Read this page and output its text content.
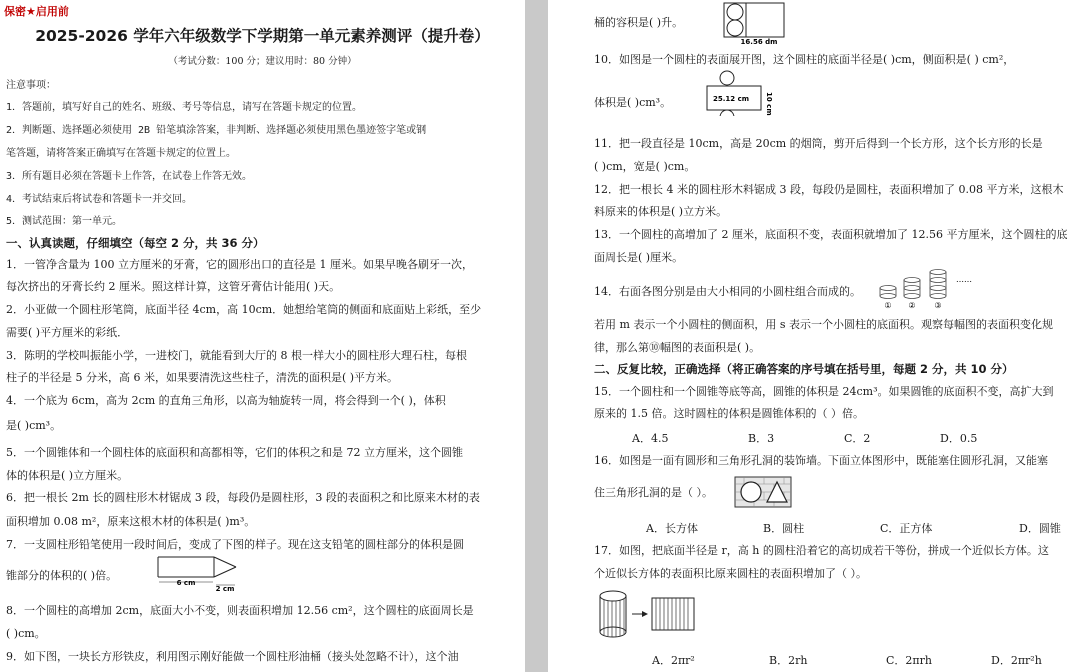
保密★启用前
2025-2026 学年六年级数学下学期第一单元素养测评（提升卷）
（考试分数：100 分；建议用时：80 分钟）
注意事项：
1．答题前，填写好自己的姓名、班级、考号等信息，请写在答题卡规定的位置。
2．判断题、选择题必须使用 2B 铅笔填涂答案，非判断、选择题必须使用黑色墨迹签字笔或钢
笔答题，请将答案正确填写在答题卡规定的位置上。
3．所有题目必须在答题卡上作答，在试卷上作答无效。
4．考试结束后将试卷和答题卡一并交回。
5．测试范围：第一单元。
一、认真读题，仔细填空（每空 2 分，共 36 分）
1．一管净含量为 100 立方厘米的牙膏，它的圆形出口的直径是 1 厘米。如果早晚各刷牙一次，
每次挤出的牙膏长约 2 厘米。照这样计算，这管牙膏估计能用( )天。
2．小亚做一个圆柱形笔筒，底面半径 4cm，高 10cm．她想给笔筒的侧面和底面贴上彩纸，至少
需要( )平方厘米的彩纸．
3．陈明的学校叫振能小学，一进校门，就能看到大厅的 8 根一样大小的圆柱形大理石柱，每根
柱子的半径是 5 分米，高 6 米，如果要清洗这些柱子，清洗的面积是( )平方米。
4．一个底为 6cm，高为 2cm 的直角三角形，以高为轴旋转一周，将会得到一个( )，体积
是( )cm³。
5．一个圆锥体和一个圆柱体的底面积和高都相等，它们的体积之和是 72 立方厘米，这个圆锥
体的体积是( )立方厘米。
6．把一根长 2m 长的圆柱形木材锯成 3 段，每段仍是圆柱形，3 段的表面积之和比原来木材的表
面积增加 0.08 m²，原来这根木材的体积是( )m³。
7．一支圆柱形铅笔使用一段时间后，变成了下图的样子。现在这支铅笔的圆柱部分的体积是圆
锥部分的体积的( )倍。
8．一个圆柱的高增加 2cm，底面大小不变，则表面积增加 12.56 cm²，这个圆柱的底面周长是
( )cm。
9．如下图，一块长方形铁皮，利用图示刚好能做一个圆柱形油桶（接头处忽略不计），这个油
6 cm
2 cm
桶的容积是( )升。
16.56 dm
10．如图是一个圆柱的表面展开图，这个圆柱的底面半径是( )cm，侧面积是( ) cm²，
25.12 cm 10 cm
体积是( )cm³。
11．把一段直径是 10cm，高是 20cm 的烟筒，剪开后得到一个长方形，这个长方形的长是
( )cm，宽是( )cm。
12．把一根长 4 米的圆柱形木料锯成 3 段，每段仍是圆柱，表面积增加了 0.08 平方米，这根木
料原来的体积是( )立方米。
13．一个圆柱的高增加了 2 厘米，底面积不变，表面积就增加了 12.56 平方厘米，这个圆柱的底
面周长是( )厘米。
14．右面各图分别是由大小相同的小圆柱组合而成的。
① ② ③
……
若用 m 表示一个小圆柱的侧面积，用 s 表示一个小圆柱的底面积。观察每幅图的表面积变化规
律，那么第⑩幅图的表面积是( )。
二、反复比较，正确选择（将正确答案的序号填在括号里，每题 2 分，共 10 分）
15．一个圆柱和一个圆锥等底等高，圆锥的体积是 24cm³。如果圆锥的底面积不变，高扩大到
原来的 1.5 倍。这时圆柱的体积是圆锥体积的（ ）倍。
A．4.5	B．3	C．2	D．0.5
16．如图是一面有圆形和三角形孔洞的装饰墙。下面立体图形中，既能塞住圆形孔洞，又能塞
住三角形孔洞的是（ ）。
A．长方体	B．圆柱	C．正方体	D．圆锥
17．如图，把底面半径是 r，高 h 的圆柱沿着它的高切成若干等份，拼成一个近似长方体。这
个近似长方体的表面积比原来圆柱的表面积增加了（ ）。
A．2πr²	B．2rh	C．2πrh	D．2πr²h
